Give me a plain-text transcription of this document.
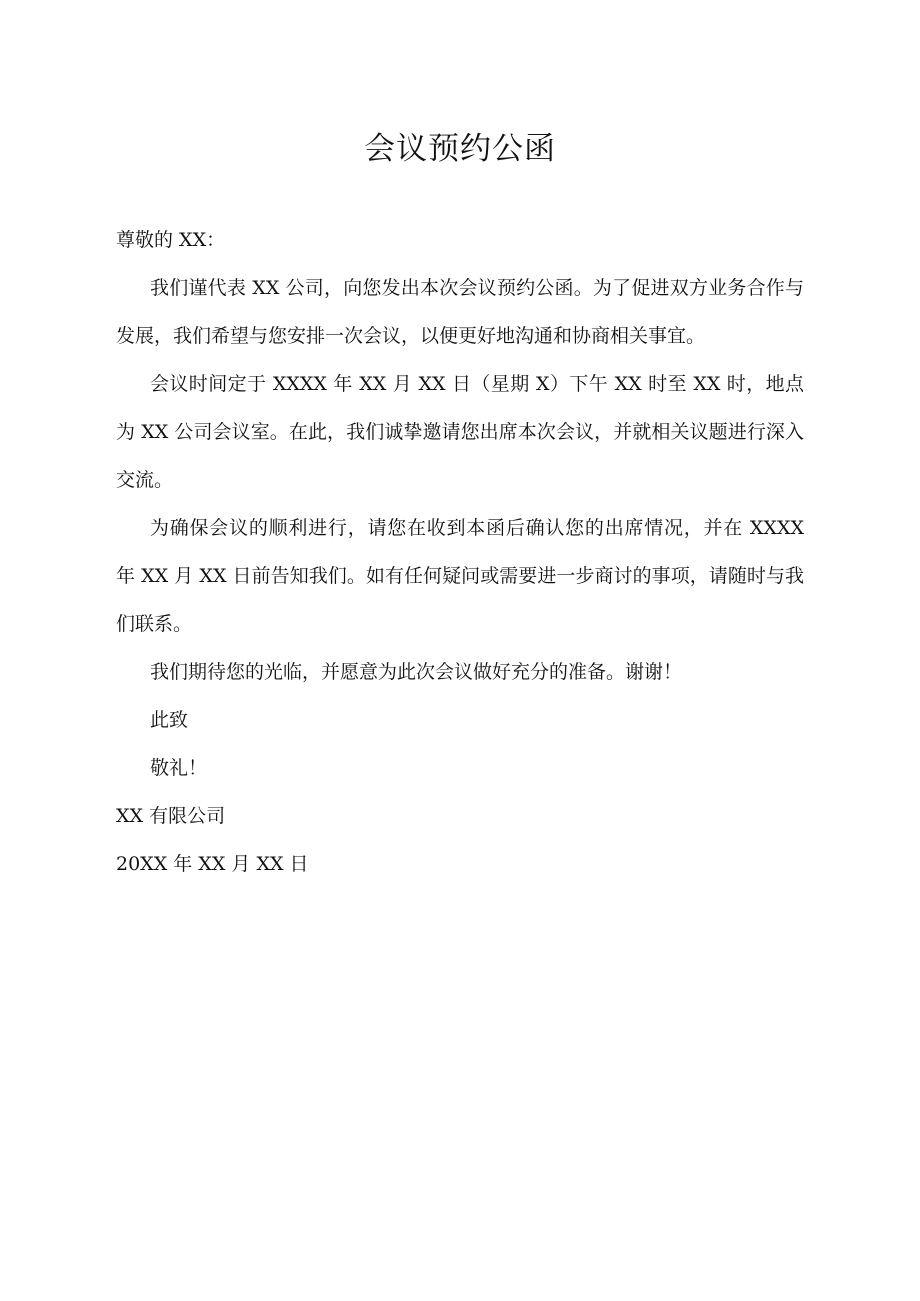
会议预约公函

尊敬的 XX：

我们谨代表 XX 公司，向您发出本次会议预约公函。为了促进双方业务合作与发展，我们希望与您安排一次会议，以便更好地沟通和协商相关事宜。

会议时间定于 XXXX 年 XX 月 XX 日（星期 X）下午 XX 时至 XX 时，地点为 XX 公司会议室。在此，我们诚挚邀请您出席本次会议，并就相关议题进行深入交流。

为确保会议的顺利进行，请您在收到本函后确认您的出席情况，并在 XXXX 年 XX 月 XX 日前告知我们。如有任何疑问或需要进一步商讨的事项，请随时与我们联系。

我们期待您的光临，并愿意为此次会议做好充分的准备。谢谢！

此致

敬礼！

XX 有限公司

20XX 年 XX 月 XX 日
